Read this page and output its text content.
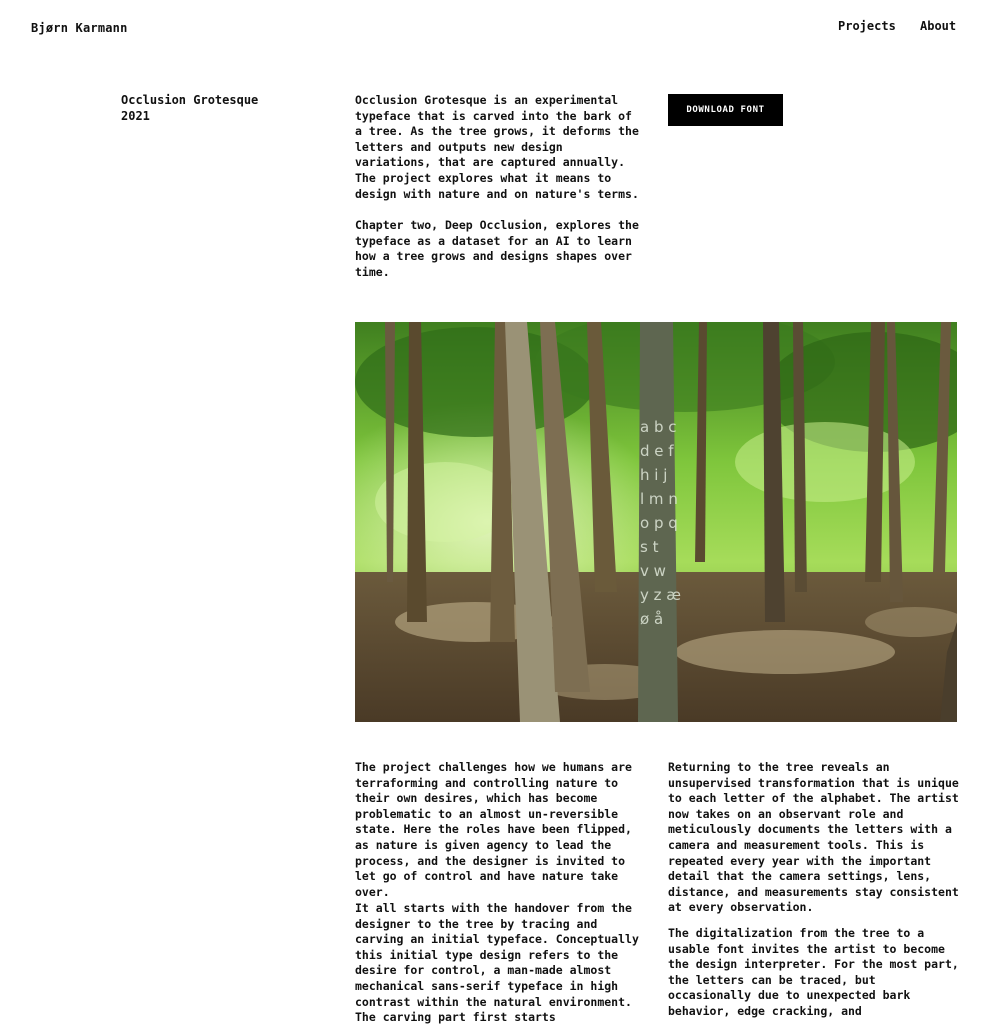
Bjørn Karmann	Projects About
Occlusion Grotesque
2021

Occlusion Grotesque is an experimental typeface that is carved into the bark of a tree. As the tree grows, it deforms the letters and outputs new design variations, that are captured annually. The project explores what it means to design with nature and on nature's terms.

Chapter two, Deep Occlusion, explores the typeface as a dataset for an AI to learn how a tree grows and designs shapes over time.

DOWNLOAD FONT
a b c
d e f
h i j
l m n
o p q
s t
v w
y z æ
ø å

The project challenges how we humans are terraforming and controlling nature to their own desires, which has become problematic to an almost un-reversible state. Here the roles have been flipped, as nature is given agency to lead the process, and the designer is invited to let go of control and have nature take over.

It all starts with the handover from the designer to the tree by tracing and carving an initial typeface. Conceptually this initial type design refers to the desire for control, a man-made almost mechanical sans-serif typeface in high contrast within the natural environment. The carving part first starts

Returning to the tree reveals an unsupervised transformation that is unique to each letter of the alphabet. The artist now takes on an observant role and meticulously documents the letters with a camera and measurement tools. This is repeated every year with the important detail that the camera settings, lens, distance, and measurements stay consistent at every observation.

The digitalization from the tree to a usable font invites the artist to become the design interpreter. For the most part, the letters can be traced, but occasionally due to unexpected bark behavior, edge cracking, and
